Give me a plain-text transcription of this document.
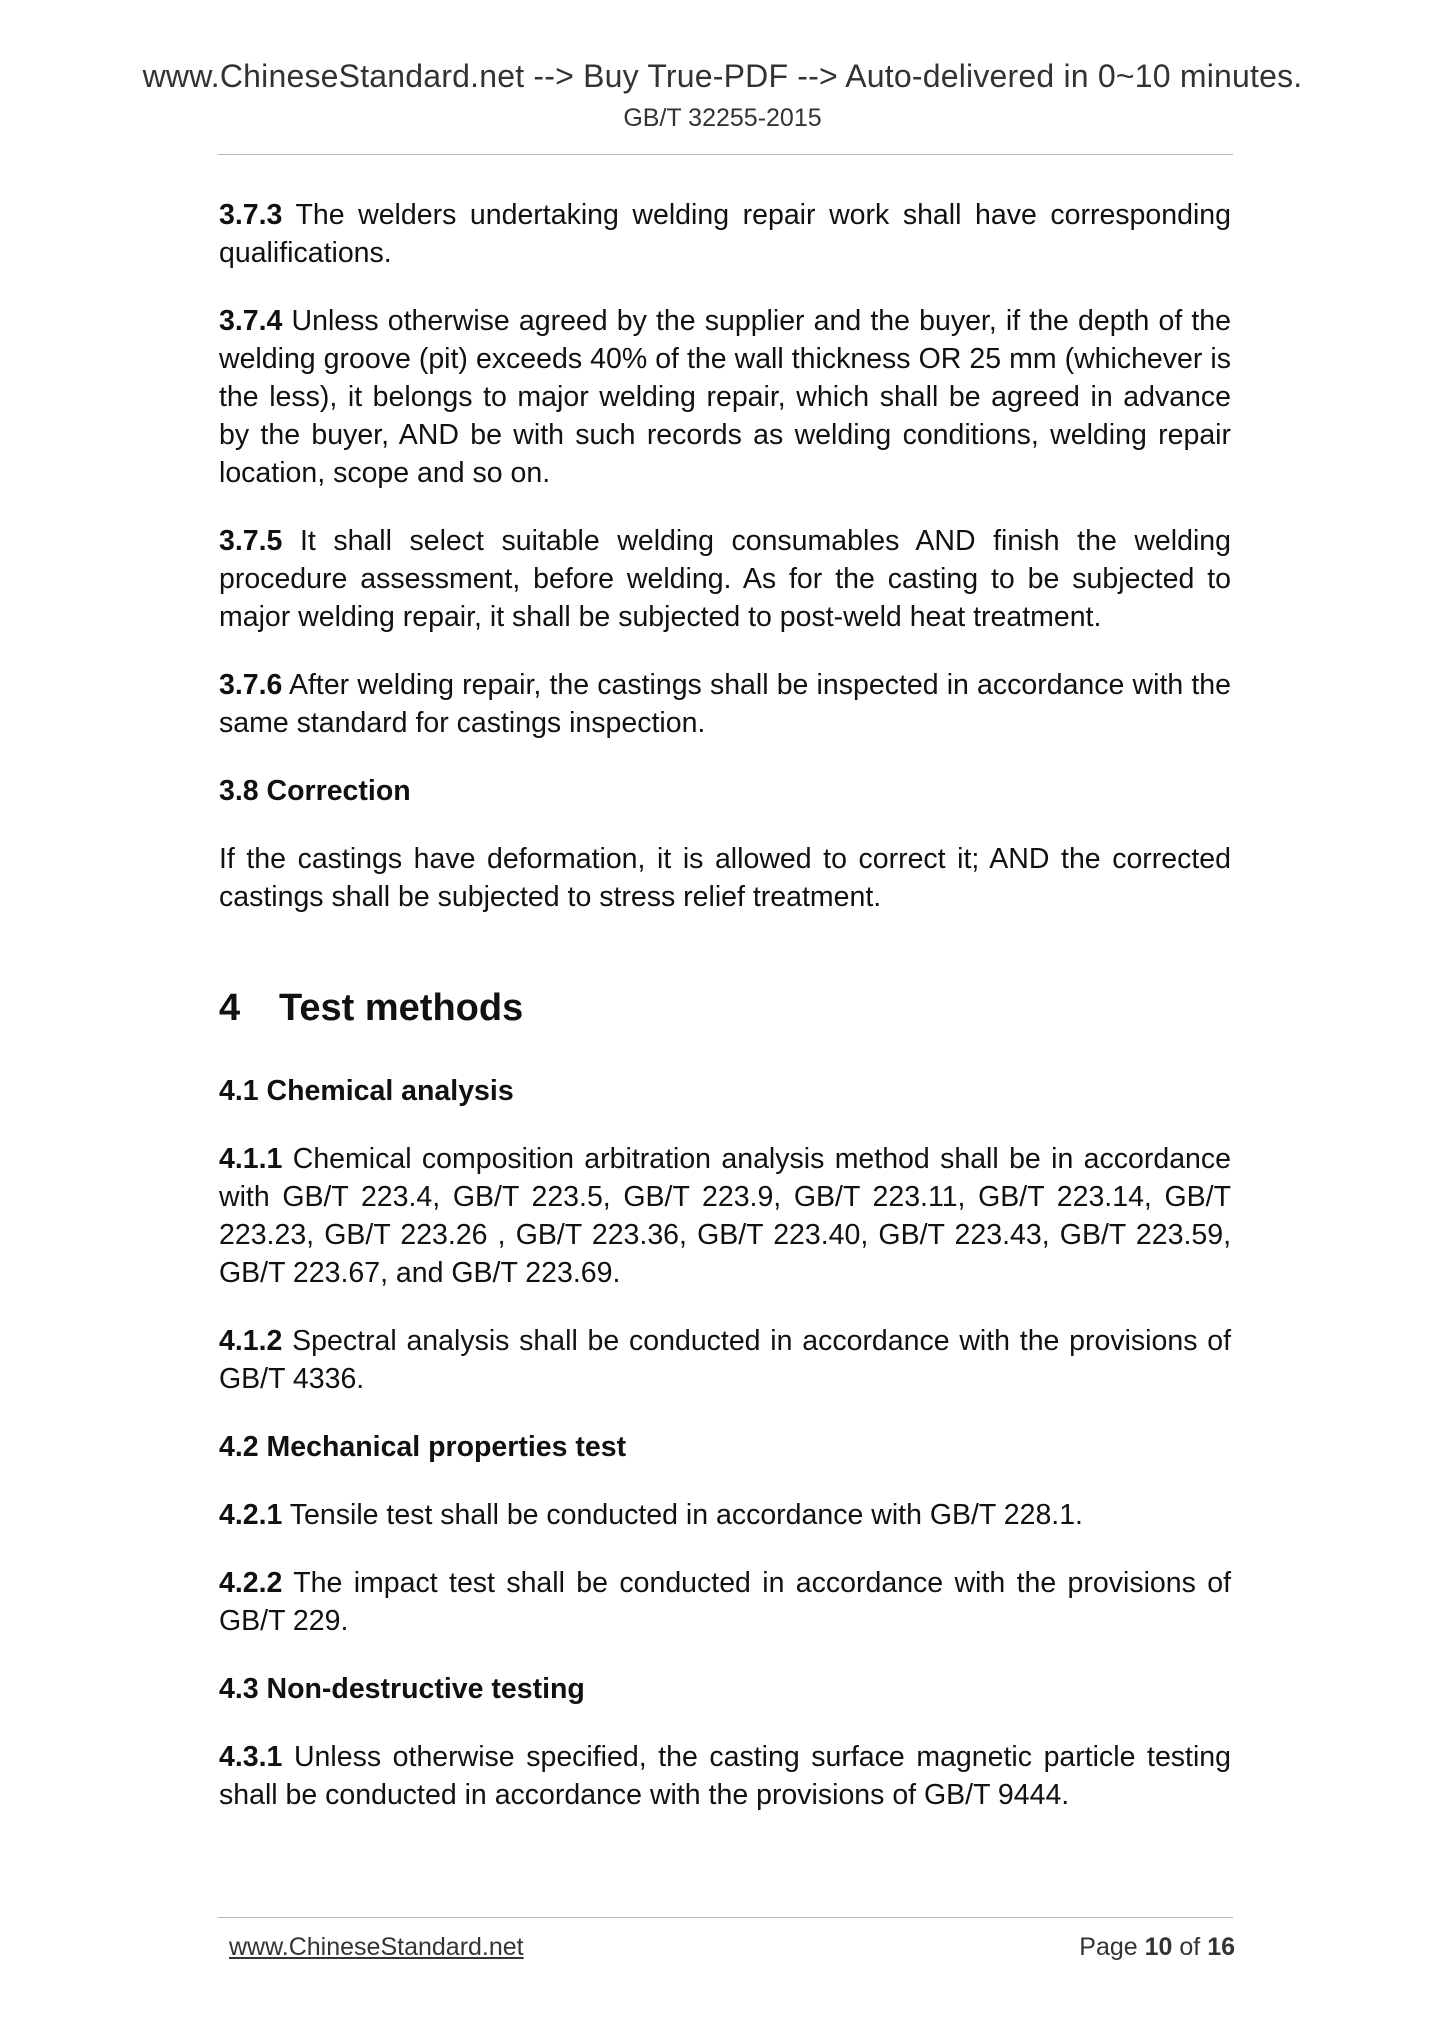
www.ChineseStandard.net --> Buy True-PDF --> Auto-delivered in 0~10 minutes.
GB/T 32255-2015

3.7.3 The welders undertaking welding repair work shall have corresponding qualifications.

3.7.4 Unless otherwise agreed by the supplier and the buyer, if the depth of the welding groove (pit) exceeds 40% of the wall thickness OR 25 mm (whichever is the less), it belongs to major welding repair, which shall be agreed in advance by the buyer, AND be with such records as welding conditions, welding repair location, scope and so on.

3.7.5 It shall select suitable welding consumables AND finish the welding procedure assessment, before welding. As for the casting to be subjected to major welding repair, it shall be subjected to post-weld heat treatment.

3.7.6 After welding repair, the castings shall be inspected in accordance with the same standard for castings inspection.

3.8 Correction

If the castings have deformation, it is allowed to correct it; AND the corrected castings shall be subjected to stress relief treatment.

4 Test methods
4.1 Chemical analysis

4.1.1 Chemical composition arbitration analysis method shall be in accordance with GB/T 223.4, GB/T 223.5, GB/T 223.9, GB/T 223.11, GB/T 223.14, GB/T 223.23, GB/T 223.26 , GB/T 223.36, GB/T 223.40, GB/T 223.43, GB/T 223.59, GB/T 223.67, and GB/T 223.69.

4.1.2 Spectral analysis shall be conducted in accordance with the provisions of GB/T 4336.

4.2 Mechanical properties test

4.2.1 Tensile test shall be conducted in accordance with GB/T 228.1.

4.2.2 The impact test shall be conducted in accordance with the provisions of GB/T 229.

4.3 Non-destructive testing

4.3.1 Unless otherwise specified, the casting surface magnetic particle testing shall be conducted in accordance with the provisions of GB/T 9444.

www.ChineseStandard.net	Page 10 of 16
